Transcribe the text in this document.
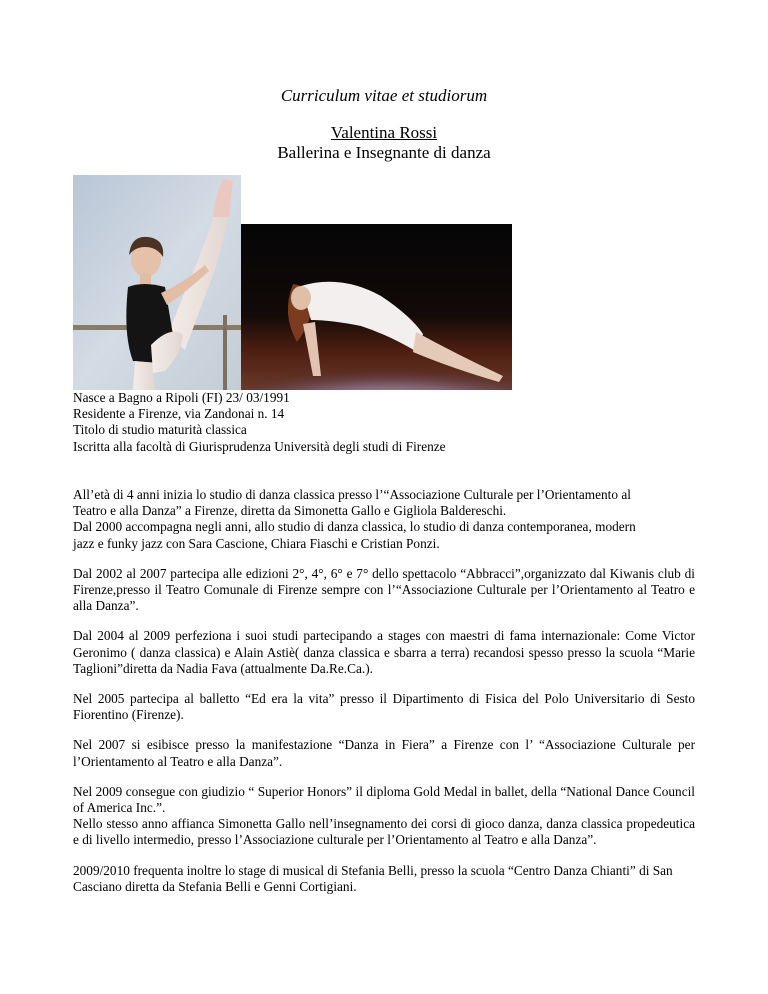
Curriculum vitae et studiorum
Valentina Rossi
Ballerina e Insegnante di danza
Nasce a Bagno a Ripoli (FI) 23/ 03/1991
Residente a Firenze, via Zandonai n. 14
Titolo di studio maturità classica
Iscritta alla facoltà di Giurisprudenza Università degli studi di Firenze

All’età di 4 anni inizia lo studio di danza classica presso l’“Associazione Culturale per l’Orientamento al
Teatro e alla Danza” a Firenze, diretta da Simonetta Gallo e Gigliola Baldereschi.
Dal 2000 accompagna negli anni, allo studio di danza classica, lo studio di danza contemporanea, modern
jazz e funky jazz con Sara Cascione, Chiara Fiaschi e Cristian Ponzi.

Dal 2002 al 2007 partecipa alle edizioni 2°, 4°, 6° e 7° dello spettacolo “Abbracci”,organizzato dal Kiwanis club di Firenze,presso il Teatro Comunale di Firenze sempre con l’“Associazione Culturale per l’Orientamento al Teatro e alla Danza”.

Dal 2004 al 2009 perfeziona i suoi studi partecipando a stages con maestri di fama internazionale: Come Victor Geronimo ( danza classica) e Alain Astiè( danza classica e sbarra a terra) recandosi spesso presso la scuola “Marie Taglioni”diretta da Nadia Fava (attualmente Da.Re.Ca.).

Nel 2005 partecipa al balletto “Ed era la vita” presso il Dipartimento di Fisica del Polo Universitario di Sesto Fiorentino (Firenze).

Nel 2007 si esibisce presso la manifestazione “Danza in Fiera” a Firenze con l’ “Associazione Culturale per l’Orientamento al Teatro e alla Danza”.

Nel 2009 consegue con giudizio “ Superior Honors” il diploma Gold Medal in ballet, della “National Dance Council of America Inc.”.
Nello stesso anno affianca Simonetta Gallo nell’insegnamento dei corsi di gioco danza, danza classica propedeutica e di livello intermedio, presso l’Associazione culturale per l’Orientamento al Teatro e alla Danza”.

2009/2010 frequenta inoltre lo stage di musical di Stefania Belli, presso la scuola “Centro Danza Chianti” di San Casciano diretta da Stefania Belli e Genni Cortigiani.
